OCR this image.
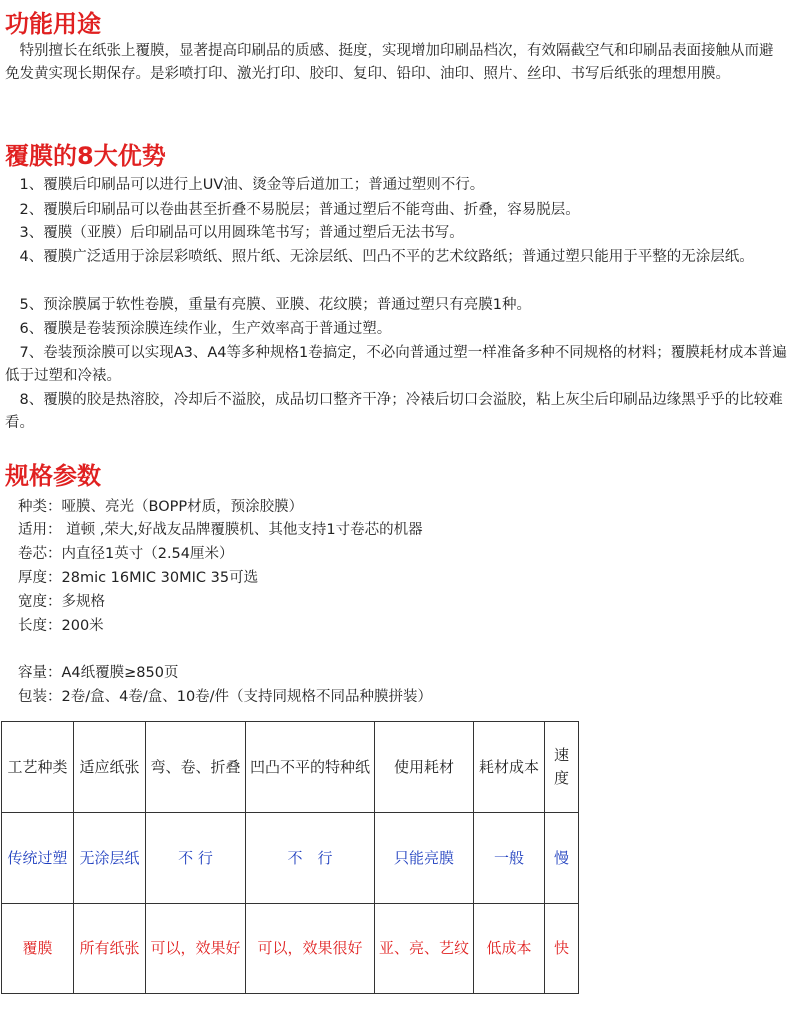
功能用途

　特别擅长在纸张上覆膜，显著提高印刷品的质感、挺度，实现增加印刷品档次，有效隔截空气和印刷品表面接触从而避免发黄实现长期保存。是彩喷打印、激光打印、胶印、复印、铅印、油印、照片、丝印、书写后纸张的理想用膜。

覆膜的8大优势

　1、覆膜后印刷品可以进行上UV油、烫金等后道加工；普通过塑则不行。

　2、覆膜后印刷品可以卷曲甚至折叠不易脱层；普通过塑后不能弯曲、折叠，容易脱层。

　3、覆膜（亚膜）后印刷品可以用圆珠笔书写；普通过塑后无法书写。

　4、覆膜广泛适用于涂层彩喷纸、照片纸、无涂层纸、凹凸不平的艺术纹路纸；普通过塑只能用于平整的无涂层纸。

　5、预涂膜属于软性卷膜，重量有亮膜、亚膜、花纹膜；普通过塑只有亮膜1种。

　6、覆膜是卷装预涂膜连续作业，生产效率高于普通过塑。

　7、卷装预涂膜可以实现A3、A4等多种规格1卷搞定，不必向普通过塑一样准备多种不同规格的材料；覆膜耗材成本普遍低于过塑和冷裱。

　8、覆膜的胶是热溶胶，冷却后不溢胶，成品切口整齐干净；冷裱后切口会溢胶，粘上灰尘后印刷品边缘黑乎乎的比较难看。

规格参数
种类：哑膜、亮光（BOPP材质，预涂胶膜）
适用： 道顿 ,荣大,好战友品牌覆膜机、其他支持1寸卷芯的机器
卷芯：内直径1英寸（2.54厘米）
厚度：28mic 16MIC 30MIC 35可选
宽度：多规格
长度：200米
容量：A4纸覆膜≥850页
包装：2卷/盒、4卷/盒、10卷/件（支持同规格不同品种膜拼装）
工艺种类	适应纸张	弯、卷、折叠	凹凸不平的特种纸	使用耗材	耗材成本	速度
传统过塑	无涂层纸	不 行	不　行	只能亮膜	一般	慢
覆膜	所有纸张	可以，效果好	可以，效果很好	亚、亮、艺纹	低成本	快
